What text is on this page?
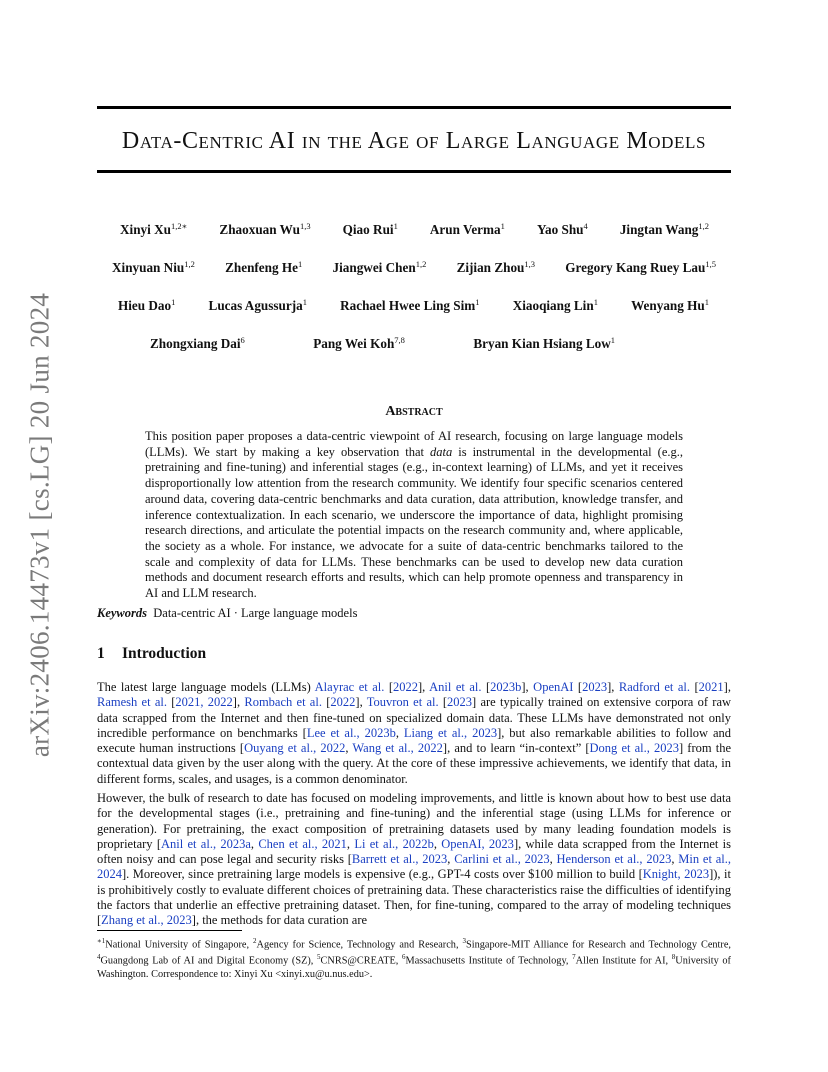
arXiv:2406.14473v1 [cs.LG] 20 Jun 2024
Data-Centric AI in the Age of Large Language Models
Xinyi $Xu^{1,2∗}$ Zhaoxuan Wu$^{1,3}$ Qiao Rui$^1$ Arun Verma$^1$ Yao Shu$^4$ Jingtan Wang$^{1,2}$
Xinyuan Niu$^{1,2}$ Zhenfeng He$^1$ Jiangwei Chen$^{1,2}$ Zijian Zhou$^{1,3}$ Gregory Kang Ruey Lau$^{1,5}$
Hieu Dao$^1$	Lucas Agussurja$^1$	Rachael Hwee Ling Sim$^1$	Xiaoqiang Lin$^1$	Wenyang Hu$^1$
Zhongxiang Dai$^6$	Pang Wei Koh$^{7,8}$	Bryan Kian Hsiang Low$^1$
Abstract
This position paper proposes a data-centric viewpoint of AI research, focusing on large language models (LLMs). We start by making a key observation that data is instrumental in the developmental (e.g., pretraining and fine-tuning) and inferential stages (e.g., in-context learning) of LLMs, and yet it receives disproportionally low attention from the research community. We identify four specific scenarios centered around data, covering data-centric benchmarks and data curation, data attribution, knowledge transfer, and inference contextualization. In each scenario, we underscore the importance of data, highlight promising research directions, and articulate the potential impacts on the research community and, where applicable, the society as a whole. For instance, we advocate for a suite of data-centric benchmarks tailored to the scale and complexity of data for LLMs. These benchmarks can be used to develop new data curation methods and document research efforts and results, which can help promote openness and transparency in AI and LLM research.
Keywords Data-centric AI · Large language models
1 Introduction
The latest large language models (LLMs) Alayrac et al. [2022], Anil et al. [2023b], OpenAI [2023], Radford et al. [2021], Ramesh et al. [2021, 2022], Rombach et al. [2022], Touvron et al. [2023] are typically trained on extensive corpora of raw data scrapped from the Internet and then fine-tuned on specialized domain data. These LLMs have demonstrated not only incredible performance on benchmarks [Lee et al., 2023b, Liang et al., 2023], but also remarkable abilities to follow and execute human instructions [Ouyang et al., 2022, Wang et al., 2022], and to learn “in-context” [Dong et al., 2023] from the contextual data given by the user along with the query. At the core of these impressive achievements, we identify that data, in different forms, scales, and usages, is a common denominator.
However, the bulk of research to date has focused on modeling improvements, and little is known about how to best use data for the developmental stages (i.e., pretraining and fine-tuning) and the inferential stage (using LLMs for inference or generation). For pretraining, the exact composition of pretraining datasets used by many leading foundation models is proprietary [Anil et al., 2023a, Chen et al., 2021, Li et al., 2022b, OpenAI, 2023], while data scrapped from the Internet is often noisy and can pose legal and security risks [Barrett et al., 2023, Carlini et al., 2023, Henderson et al., 2023, Min et al., 2024]. Moreover, since pretraining large models is expensive (e.g., GPT-4 costs over $100 million to build [Knight, 2023]), it is prohibitively costly to evaluate different choices of pretraining data. These characteristics raise the difficulties of identifying the factors that underlie an effective pretraining dataset. Then, for fine-tuning, compared to the array of modeling techniques [Zhang et al., 2023], the methods for data curation are
$^{∗1}$National University of Singapore, $^2$Agency for Science, Technology and Research, $^3$Singapore-MIT Alliance for Research and Technology Centre, $^4$Guangdong Lab of AI and Digital Economy (SZ), $^5$CNRS@CREATE, $^6$Massachusetts Institute of Technology, $^7$Allen Institute for AI, $^8$University of Washington. Correspondence to: Xinyi Xu <xinyi.xu@u.nus.edu>.
